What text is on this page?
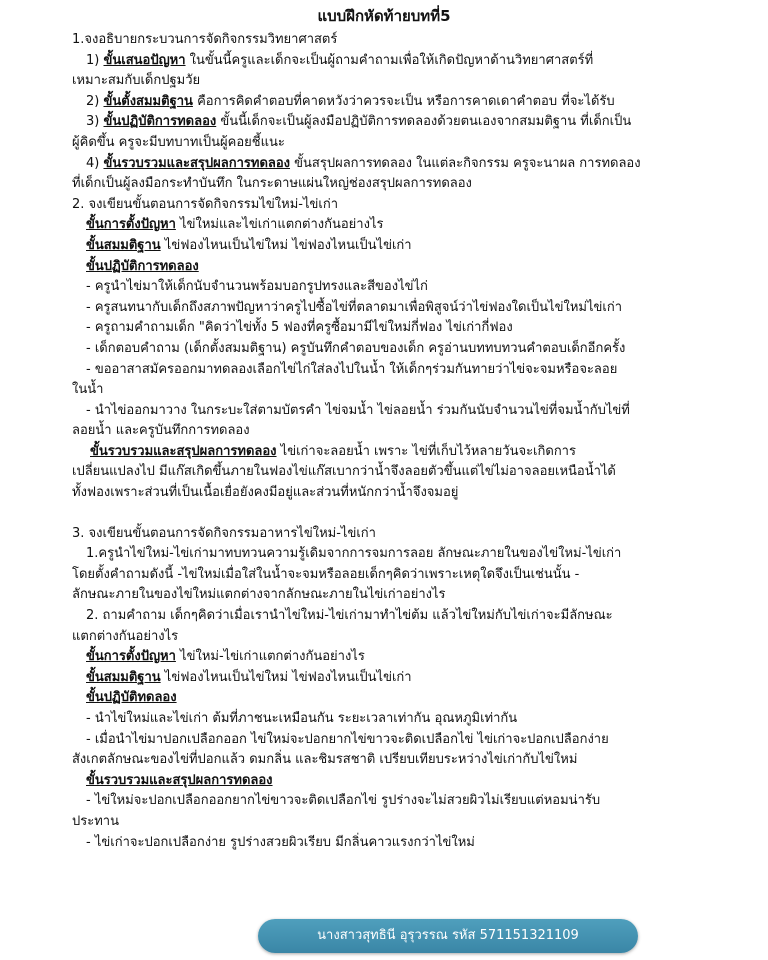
แบบฝึกหัดท้ายบทที่5

1.จงอธิบายกระบวนการจัดกิจกรรมวิทยาศาสตร์

1) ขั้นเสนอปัญหา ในขั้นนี้ครูและเด็กจะเป็นผู้ถามคำถามเพื่อให้เกิดปัญหาด้านวิทยาศาสตร์ที่

เหมาะสมกับเด็กปฐมวัย

2) ขั้นตั้งสมมติฐาน คือการคิดคำตอบที่คาดหวังว่าควรจะเป็น หรือการคาดเดาคำตอบ ที่จะได้รับ

3) ขั้นปฏิบัติการทดลอง ขั้นนี้เด็กจะเป็นผู้ลงมือปฏิบัติการทดลองด้วยตนเองจากสมมติฐาน ที่เด็กเป็น

ผู้คิดขึ้น ครูจะมีบทบาทเป็นผู้คอยชี้แนะ

4) ขั้นรวบรวมและสรุปผลการทดลอง ขั้นสรุปผลการทดลอง ในแต่ละกิจกรรม ครูจะนาผล การทดลอง

ที่เด็กเป็นผู้ลงมือกระทำบันทึก ในกระดาษแผ่นใหญ่ช่องสรุปผลการทดลอง

2. จงเขียนขั้นตอนการจัดกิจกรรมไข่ใหม่-ไข่เก่า

ขั้นการตั้งปัญหา ไข่ใหม่และไข่เก่าแตกต่างกันอย่างไร

ขั้นสมมติฐาน ไข่ฟองไหนเป็นไข่ใหม่ ไข่ฟองไหนเป็นไข่เก่า

ขั้นปฏิบัติการทดลอง

- ครูนำไข่มาให้เด็กนับจำนวนพร้อมบอกรูปทรงและสีของไข่ไก่

- ครูสนทนากับเด็กถึงสภาพปัญหาว่าครูไปซื้อไข่ที่ตลาดมาเพื่อพิสูจน์ว่าไข่ฟองใดเป็นไข่ใหม่ไข่เก่า

- ครูถามคำถามเด็ก "คิดว่าไข่ทั้ง 5 ฟองที่ครูซื้อมามีไข่ใหม่กี่ฟอง ไข่เก่ากี่ฟอง

- เด็กตอบคำถาม (เด็กตั้งสมมติฐาน) ครูบันทึกคำตอบของเด็ก ครูอ่านบททบทวนคำตอบเด็กอีกครั้ง

- ขออาสาสมัครออกมาทดลองเลือกไข่ไก่ใส่ลงไปในน้ำ ให้เด็กๆร่วมกันทายว่าไข่จะจมหรือจะลอย

ในน้ำ

- นำไข่ออกมาวาง ในกระบะใส่ตามบัตรคำ ไข่จมน้ำ ไข่ลอยน้ำ ร่วมกันนับจำนวนไข่ที่จมน้ำกับไข่ที่

ลอยน้ำ และครูบันทึกการทดลอง

ขั้นรวบรวมและสรุปผลการทดลอง ไข่เก่าจะลอยน้ำ เพราะ ไข่ที่เก็บไว้หลายวันจะเกิดการ

เปลี่ยนแปลงไป มีแก๊สเกิดขึ้นภายในฟองไข่แก๊สเบากว่าน้ำจึงลอยตัวขึ้นแต่ไข่ไม่อาจลอยเหนือน้ำได้

ทั้งฟองเพราะส่วนที่เป็นเนื้อเยื่อยังคงมีอยู่และส่วนที่หนักกว่าน้ำจึงจมอยู่

3. จงเขียนขั้นตอนการจัดกิจกรรมอาหารไข่ใหม่-ไข่เก่า

1.ครูนำไข่ใหม่-ไข่เก่ามาทบทวนความรู้เดิมจากการจมการลอย ลักษณะภายในของไข่ใหม่-ไข่เก่า

โดยตั้งคำถามดังนี้ -ไข่ใหม่เมื่อใส่ในน้ำจะจมหรือลอยเด็กๆคิดว่าเพราะเหตุใดจึงเป็นเช่นนั้น -

ลักษณะภายในของไข่ใหม่แตกต่างจากลักษณะภายในไข่เก่าอย่างไร

2. ถามคำถาม เด็กๆคิดว่าเมื่อเรานำไข่ใหม่-ไข่เก่ามาทำไข่ต้ม แล้วไข่ใหม่กับไข่เก่าจะมีลักษณะ

แตกต่างกันอย่างไร

ขั้นการตั้งปัญหา ไข่ใหม่-ไข่เก่าแตกต่างกันอย่างไร

ขั้นสมมติฐาน ไข่ฟองไหนเป็นไข่ใหม่ ไข่ฟองไหนเป็นไข่เก่า

ขั้นปฏิบัติทดลอง

- นำไข่ใหม่และไข่เก่า ต้มที่ภาชนะเหมือนกัน ระยะเวลาเท่ากัน อุณหภูมิเท่ากัน

- เมื่อนำไข่มาปอกเปลือกออก ไข่ใหม่จะปอกยากไข่ขาวจะติดเปลือกไข่ ไข่เก่าจะปอกเปลือกง่าย

สังเกตลักษณะของไข่ที่ปอกแล้ว ดมกลิ่น และชิมรสชาติ เปรียบเทียบระหว่างไข่เก่ากับไข่ใหม่

ขั้นรวบรวมและสรุปผลการทดลอง

- ไข่ใหม่จะปอกเปลือกออกยากไข่ขาวจะติดเปลือกไข่ รูปร่างจะไม่สวยผิวไม่เรียบแต่หอมน่ารับ

ประทาน

- ไข่เก่าจะปอกเปลือกง่าย รูปร่างสวยผิวเรียบ มีกลิ่นคาวแรงกว่าไข่ใหม่

นางสาวสุทธินี อุรุวรรณ รหัส 571151321109
